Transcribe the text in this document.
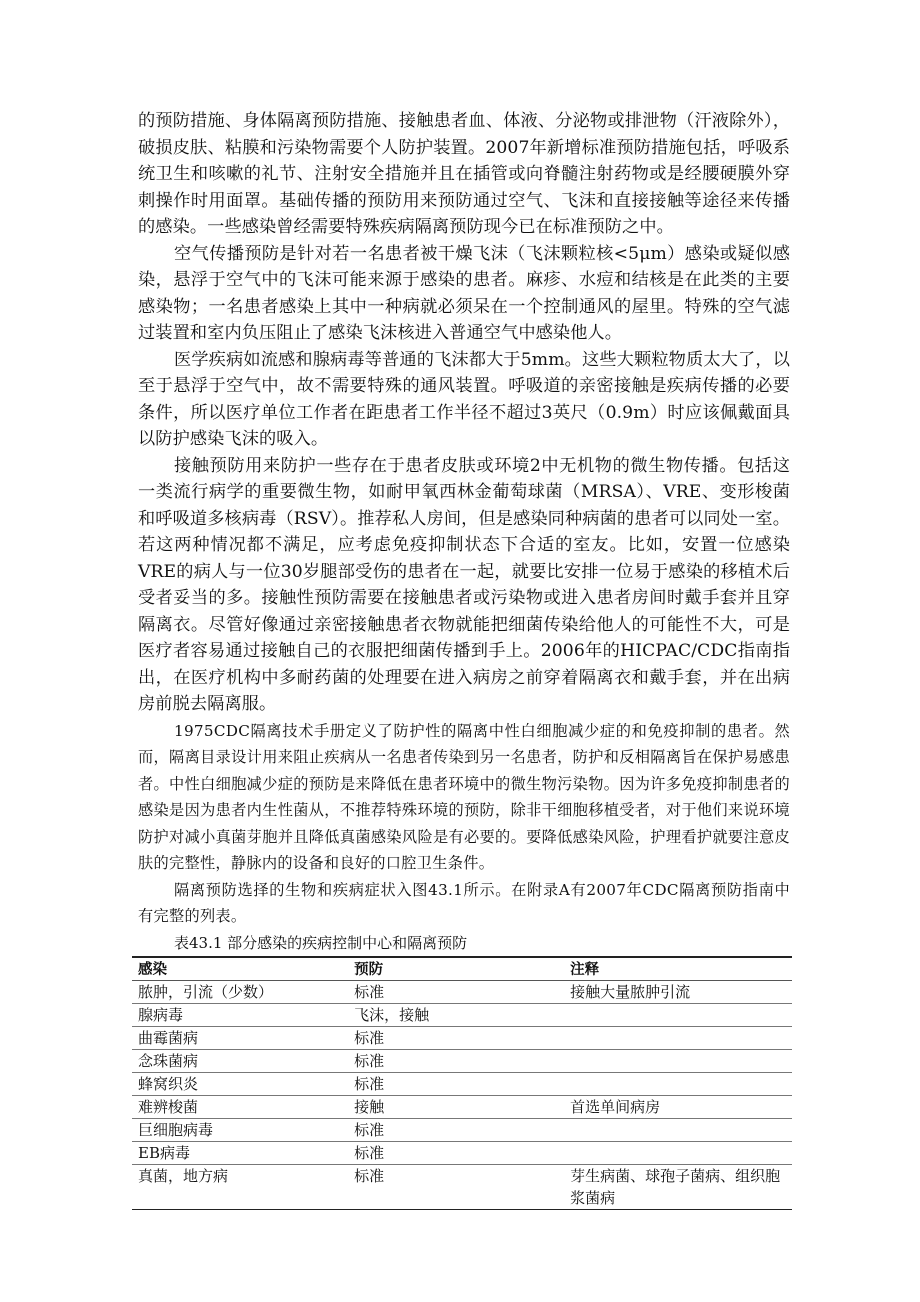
的预防措施、身体隔离预防措施、接触患者血、体液、分泌物或排泄物（汗液除外），破损皮肤、粘膜和污染物需要个人防护装置。2007年新增标准预防措施包括，呼吸系统卫生和咳嗽的礼节、注射安全措施并且在插管或向脊髓注射药物或是经腰硬膜外穿刺操作时用面罩。基础传播的预防用来预防通过空气、飞沫和直接接触等途径来传播的感染。一些感染曾经需要特殊疾病隔离预防现今已在标准预防之中。

空气传播预防是针对若一名患者被干燥飞沫（飞沫颗粒核<5μm）感染或疑似感染，悬浮于空气中的飞沫可能来源于感染的患者。麻疹、水痘和结核是在此类的主要感染物；一名患者感染上其中一种病就必须呆在一个控制通风的屋里。特殊的空气滤过装置和室内负压阻止了感染飞沫核进入普通空气中感染他人。

医学疾病如流感和腺病毒等普通的飞沫都大于5mm。这些大颗粒物质太大了，以至于悬浮于空气中，故不需要特殊的通风装置。呼吸道的亲密接触是疾病传播的必要条件，所以医疗单位工作者在距患者工作半径不超过3英尺（0.9m）时应该佩戴面具以防护感染飞沫的吸入。

接触预防用来防护一些存在于患者皮肤或环境2中无机物的微生物传播。包括这一类流行病学的重要微生物，如耐甲氧西林金葡萄球菌（MRSA）、VRE、变形梭菌和呼吸道多核病毒（RSV）。推荐私人房间，但是感染同种病菌的患者可以同处一室。若这两种情况都不满足，应考虑免疫抑制状态下合适的室友。比如，安置一位感染VRE的病人与一位30岁腿部受伤的患者在一起，就要比安排一位易于感染的移植术后受者妥当的多。接触性预防需要在接触患者或污染物或进入患者房间时戴手套并且穿隔离衣。尽管好像通过亲密接触患者衣物就能把细菌传染给他人的可能性不大，可是医疗者容易通过接触自己的衣服把细菌传播到手上。2006年的HICPAC/CDC指南指出，在医疗机构中多耐药菌的处理要在进入病房之前穿着隔离衣和戴手套，并在出病房前脱去隔离服。

1975CDC隔离技术手册定义了防护性的隔离中性白细胞减少症的和免疫抑制的患者。然而，隔离目录设计用来阻止疾病从一名患者传染到另一名患者，防护和反相隔离旨在保护易感患者。中性白细胞减少症的预防是来降低在患者环境中的微生物污染物。因为许多免疫抑制患者的感染是因为患者内生性菌从，不推荐特殊环境的预防，除非干细胞移植受者，对于他们来说环境防护对减小真菌芽胞并且降低真菌感染风险是有必要的。要降低感染风险，护理看护就要注意皮肤的完整性，静脉内的设备和良好的口腔卫生条件。

隔离预防选择的生物和疾病症状入图43.1所示。在附录A有2007年CDC隔离预防指南中有完整的列表。

表43.1 部分感染的疾病控制中心和隔离预防

感染	预防	注释
脓肿，引流（少数）	标准	接触大量脓肿引流
腺病毒	飞沫，接触	
曲霉菌病	标准	
念珠菌病	标准	
蜂窝织炎	标准	
难辨梭菌	接触	首选单间病房
巨细胞病毒	标准	
EB病毒	标准	
真菌，地方病	标准	芽生病菌、球孢子菌病、组织胞浆菌病
